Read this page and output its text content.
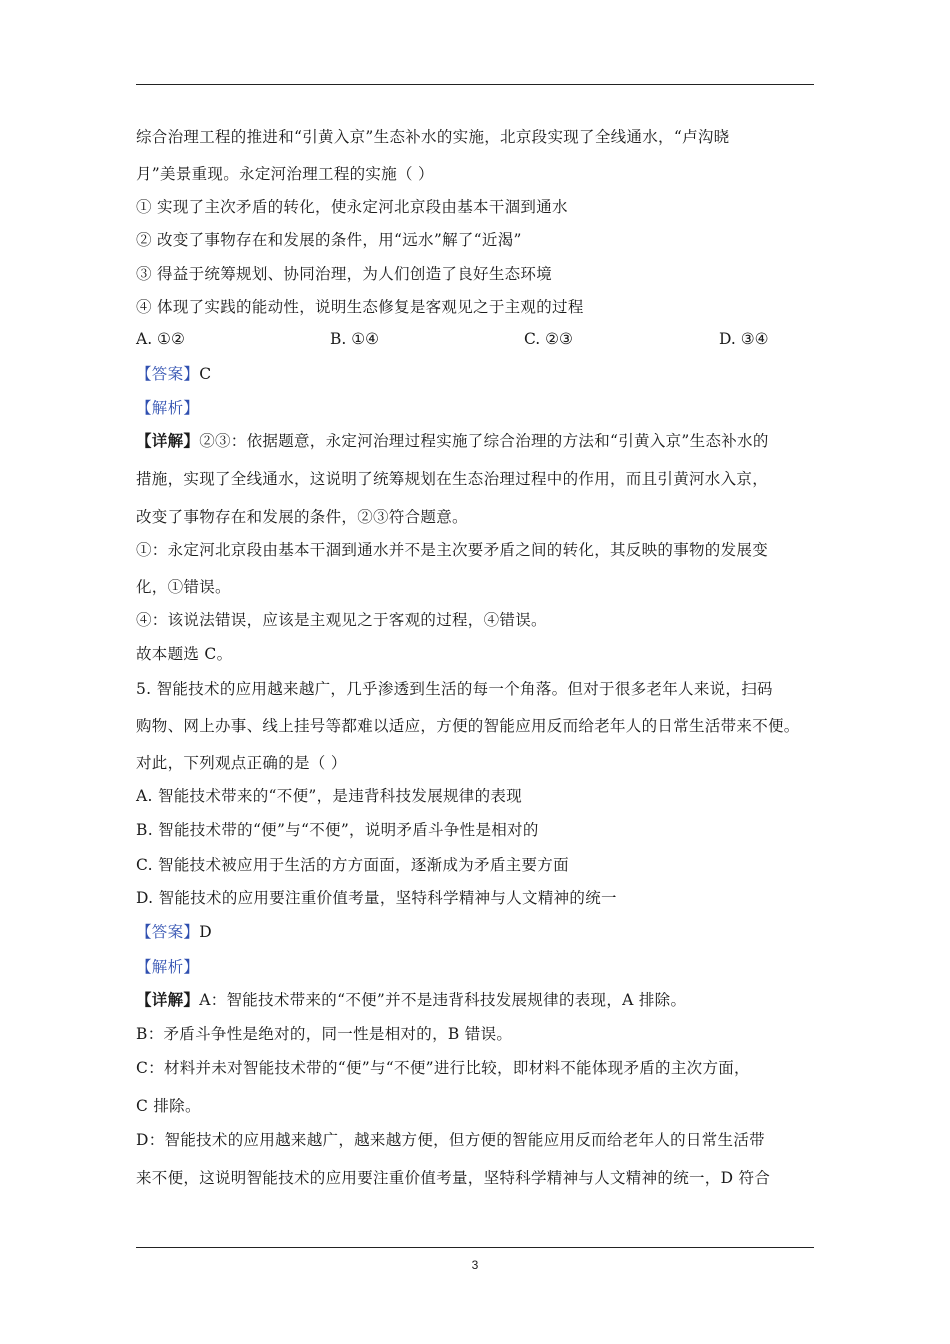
综合治理工程的推进和“引黄入京”生态补水的实施，北京段实现了全线通水，“卢沟晓
月”美景重现。永定河治理工程的实施（ ）
① 实现了主次矛盾的转化，使永定河北京段由基本干涸到通水
② 改变了事物存在和发展的条件，用“远水”解了“近渴”
③ 得益于统筹规划、协同治理，为人们创造了良好生态环境
④ 体现了实践的能动性，说明生态修复是客观见之于主观的过程
A. ①②	B. ①④	C. ②③	D. ③④
【答案】C
【解析】
【详解】②③：依据题意，永定河治理过程实施了综合治理的方法和“引黄入京”生态补水的
措施，实现了全线通水，这说明了统筹规划在生态治理过程中的作用，而且引黄河水入京，
改变了事物存在和发展的条件，②③符合题意。
①：永定河北京段由基本干涸到通水并不是主次要矛盾之间的转化，其反映的事物的发展变
化，①错误。
④：该说法错误，应该是主观见之于客观的过程，④错误。
故本题选 C。
5. 智能技术的应用越来越广，几乎渗透到生活的每一个角落。但对于很多老年人来说，扫码
购物、网上办事、线上挂号等都难以适应，方便的智能应用反而给老年人的日常生活带来不便。
对此，下列观点正确的是（ ）
A. 智能技术带来的“不便”，是违背科技发展规律的表现
B. 智能技术带的“便”与“不便”，说明矛盾斗争性是相对的
C. 智能技术被应用于生活的方方面面，逐渐成为矛盾主要方面
D. 智能技术的应用要注重价值考量，坚特科学精神与人文精神的统一
【答案】D
【解析】
【详解】A：智能技术带来的“不便”并不是违背科技发展规律的表现，A 排除。
B：矛盾斗争性是绝对的，同一性是相对的，B 错误。
C：材料并未对智能技术带的“便”与“不便”进行比较，即材料不能体现矛盾的主次方面，
C 排除。
D：智能技术的应用越来越广，越来越方便，但方便的智能应用反而给老年人的日常生活带
来不便，这说明智能技术的应用要注重价值考量，坚特科学精神与人文精神的统一，D 符合
3
